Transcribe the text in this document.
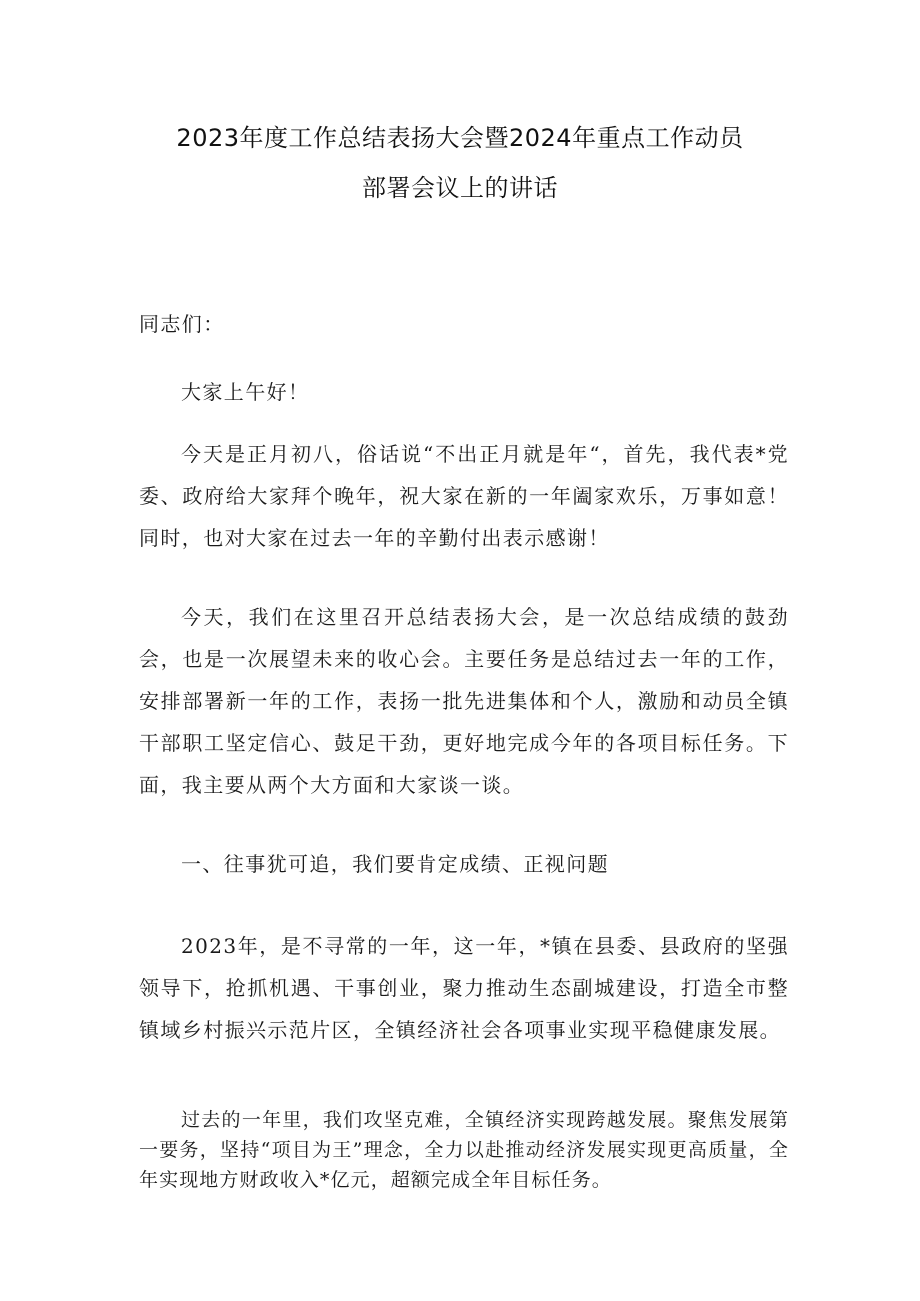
2023年度工作总结表扬大会暨2024年重点工作动员
部署会议上的讲话
同志们：
大家上午好！
今天是正月初八，俗话说“不出正月就是年“，首先，我代表*党委、政府给大家拜个晚年，祝大家在新的一年阖家欢乐，万事如意！同时，也对大家在过去一年的辛勤付出表示感谢！
今天，我们在这里召开总结表扬大会，是一次总结成绩的鼓劲会，也是一次展望未来的收心会。主要任务是总结过去一年的工作，安排部署新一年的工作，表扬一批先进集体和个人，激励和动员全镇干部职工坚定信心、鼓足干劲，更好地完成今年的各项目标任务。下面，我主要从两个大方面和大家谈一谈。
一、往事犹可追，我们要肯定成绩、正视问题
2023年，是不寻常的一年，这一年，*镇在县委、县政府的坚强领导下，抢抓机遇、干事创业，聚力推动生态副城建设，打造全市整镇域乡村振兴示范片区，全镇经济社会各项事业实现平稳健康发展。
过去的一年里，我们攻坚克难，全镇经济实现跨越发展。聚焦发展第一要务，坚持“项目为王”理念，全力以赴推动经济发展实现更高质量，全年实现地方财政收入*亿元，超额完成全年目标任务。
